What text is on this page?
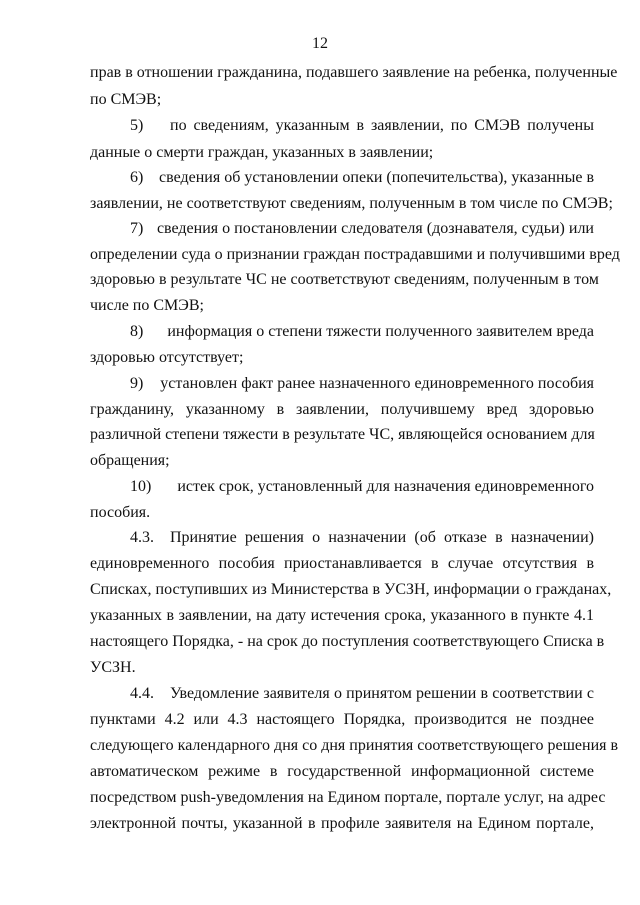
12
прав в отношении гражданина, подавшего заявление на ребенка, полученные
по СМЭВ;
5)	по сведениям, указанным в заявлении, по СМЭВ получены
данные о смерти граждан, указанных в заявлении;
6) сведения об установлении опеки (попечительства), указанные в
заявлении, не соответствуют сведениям, полученным в том числе по СМЭВ;
7) сведения о постановлении следователя (дознавателя, судьи) или
определении суда о признании граждан пострадавшими и получившими вред
здоровью в результате ЧС не соответствуют сведениям, полученным в том
числе по СМЭВ;
8)	информация о степени тяжести полученного заявителем вреда
здоровью отсутствует;
9)	установлен факт ранее назначенного единовременного пособия
гражданину, указанному в заявлении, получившему вред здоровью
различной степени тяжести в результате ЧС, являющейся основанием для
обращения;
10)	истек срок, установленный для назначения единовременного
пособия.
4.3.	Принятие решения о назначении (об отказе в назначении)
единовременного пособия приостанавливается в случае отсутствия в
Списках, поступивших из Министерства в УСЗН, информации о гражданах,
указанных в заявлении, на дату истечения срока, указанного в пункте 4.1
настоящего Порядка, - на срок до поступления соответствующего Списка в
УСЗН.
4.4.	Уведомление заявителя о принятом решении в соответствии с
пунктами 4.2 или 4.3 настоящего Порядка, производится не позднее
следующего календарного дня со дня принятия соответствующего решения в
автоматическом режиме в государственной информационной системе
посредством push-уведомления на Едином портале, портале услуг, на адрес
электронной почты, указанной в профиле заявителя на Едином портале,
